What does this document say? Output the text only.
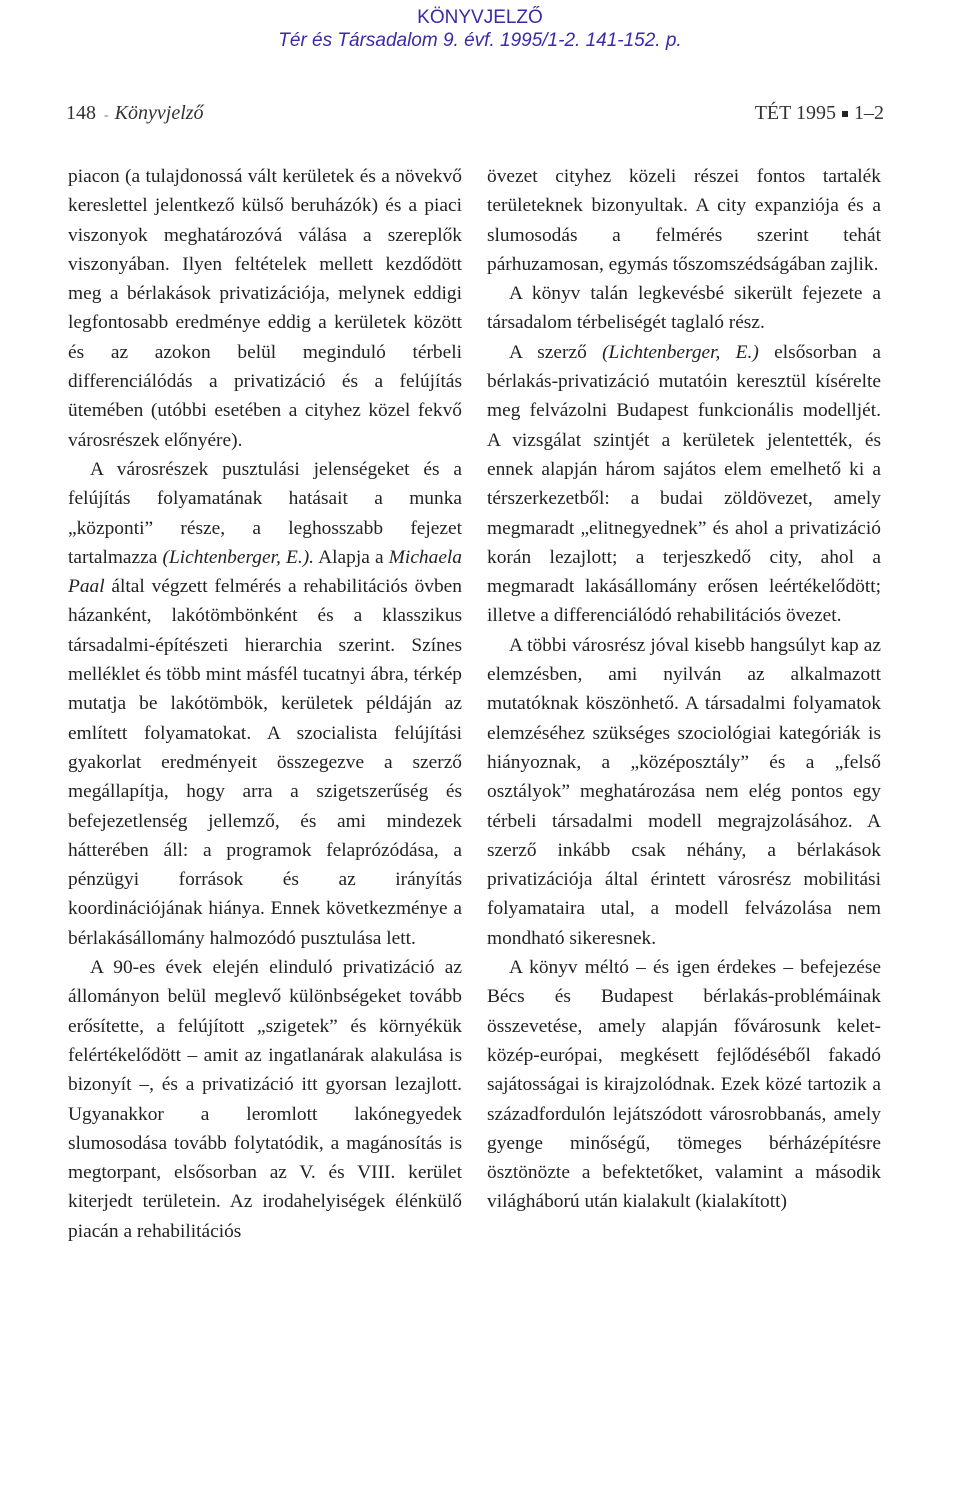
KÖNYVJELZŐ
Tér és Társadalom 9. évf. 1995/1-2. 141-152. p.
148 - Könyvjelző	TÉT 1995 1–2

piacon (a tulajdonossá vált kerületek és a növekvő kereslettel jelentkező külső beruházók) és a piaci viszonyok meghatározóvá válása a szereplők viszonyában. Ilyen feltételek mellett kezdődött meg a bérlakások privatizációja, melynek eddigi legfontosabb eredménye eddig a kerületek között és az azokon belül meginduló térbeli differenciálódás a privatizáció és a felújítás ütemében (utóbbi esetében a cityhez közel fekvő városrészek előnyére).

A városrészek pusztulási jelenségeket és a felújítás folyamatának hatásait a munka „központi” része, a leghosszabb fejezet tartalmazza (Lichtenberger, E.). Alapja a Michaela Paal által végzett felmérés a rehabilitációs övben házanként, lakótömbönként és a klasszikus társadalmi-építészeti hierarchia szerint. Színes melléklet és több mint másfél tucatnyi ábra, térkép mutatja be lakótömbök, kerületek példáján az említett folyamatokat. A szocialista felújítási gyakorlat eredményeit összegezve a szerző megállapítja, hogy arra a szigetszerűség és befejezetlenség jellemző, és ami mindezek hátterében áll: a programok felaprózódása, a pénzügyi források és az irányítás koordinációjának hiánya. Ennek következménye a bérlakásállomány halmozódó pusztulása lett.

A 90-es évek elején elinduló privatizáció az állományon belül meglevő különbségeket tovább erősítette, a felújított „szigetek” és környékük felértékelődött – amit az ingatlanárak alakulása is bizonyít –, és a privatizáció itt gyorsan lezajlott. Ugyanakkor a leromlott lakónegyedek slumosodása tovább folytatódik, a magánosítás is megtorpant, elsősorban az V. és VIII. kerület kiterjedt területein. Az irodahelyiségek élénkülő piacán a rehabilitációs

övezet cityhez közeli részei fontos tartalék területeknek bizonyultak. A city expanziója és a slumosodás a felmérés szerint tehát párhuzamosan, egymás tőszomszédságában zajlik.

A könyv talán legkevésbé sikerült fejezete a társadalom térbeliségét taglaló rész.

A szerző (Lichtenberger, E.) elsősorban a bérlakás-privatizáció mutatóin keresztül kísérelte meg felvázolni Budapest funkcionális modelljét. A vizsgálat szintjét a kerületek jelentették, és ennek alapján három sajátos elem emelhető ki a térszerkezetből: a budai zöldövezet, amely megmaradt „elitnegyednek” és ahol a privatizáció korán lezajlott; a terjeszkedő city, ahol a megmaradt lakásállomány erősen leértékelődött; illetve a differenciálódó rehabilitációs övezet.

A többi városrész jóval kisebb hangsúlyt kap az elemzésben, ami nyilván az alkalmazott mutatóknak köszönhető. A társadalmi folyamatok elemzéséhez szükséges szociológiai kategóriák is hiányoznak, a „középosztály” és a „felső osztályok” meghatározása nem elég pontos egy térbeli társadalmi modell megrajzolásához. A szerző inkább csak néhány, a bérlakások privatizációja által érintett városrész mobilitási folyamataira utal, a modell felvázolása nem mondható sikeresnek.

A könyv méltó – és igen érdekes – befejezése Bécs és Budapest bérlakás-problémáinak összevetése, amely alapján fővárosunk kelet-közép-európai, megkésett fejlődéséből fakadó sajátosságai is kirajzolódnak. Ezek közé tartozik a századfordulón lejátszódott városrobbanás, amely gyenge minőségű, tömeges bérházépítésre ösztönözte a befektetőket, valamint a második világháború után kialakult (kialakított)
